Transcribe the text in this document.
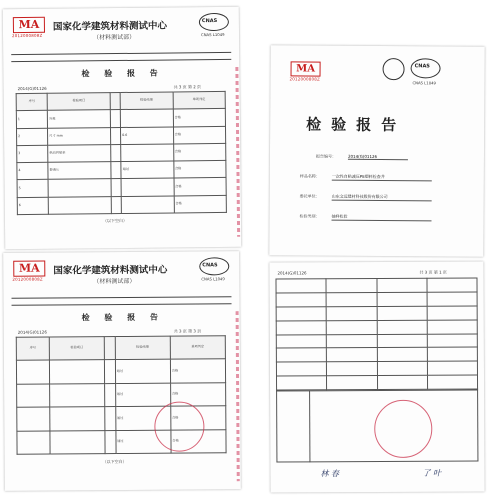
MA
2012000808Z
国家化学建筑材料测试中心
（材料测试部）
CNAS
CNAS L1049
检 验 报 告
2014(G)01126	共 3 页 第 2 页
序号	检验项目		检验结果	单项判定
1	外观			合格
2	尺寸 mm		0.6	合格
3	纵向回缩率			合格
4	静液压		通过	合格
5				合格
6				合格
（以下空白）
MA
2012000808Z
国家化学建筑材料测试中心
（材料测试部）
CNAS
CNAS L1049
检 验 报 告
2014(G)01126	共 3 页 第 3 页
序号	检验项目		检验结果	单项判定
			通过	合格
			通过	合格
			通过	合格
			通过	合格
（以下空白）
MA
2012000808Z
CNAS
CNAS L1049
检验报告
报告编号：	2014(G)01126
样品名称：	一次性自粘减压PE塑料检查井
委托单位：	山东文远建材科技股份有限公司
检验类别：	抽样检验
2014(G)01126	共 3 页 第 1 页

林 春	了 叶
